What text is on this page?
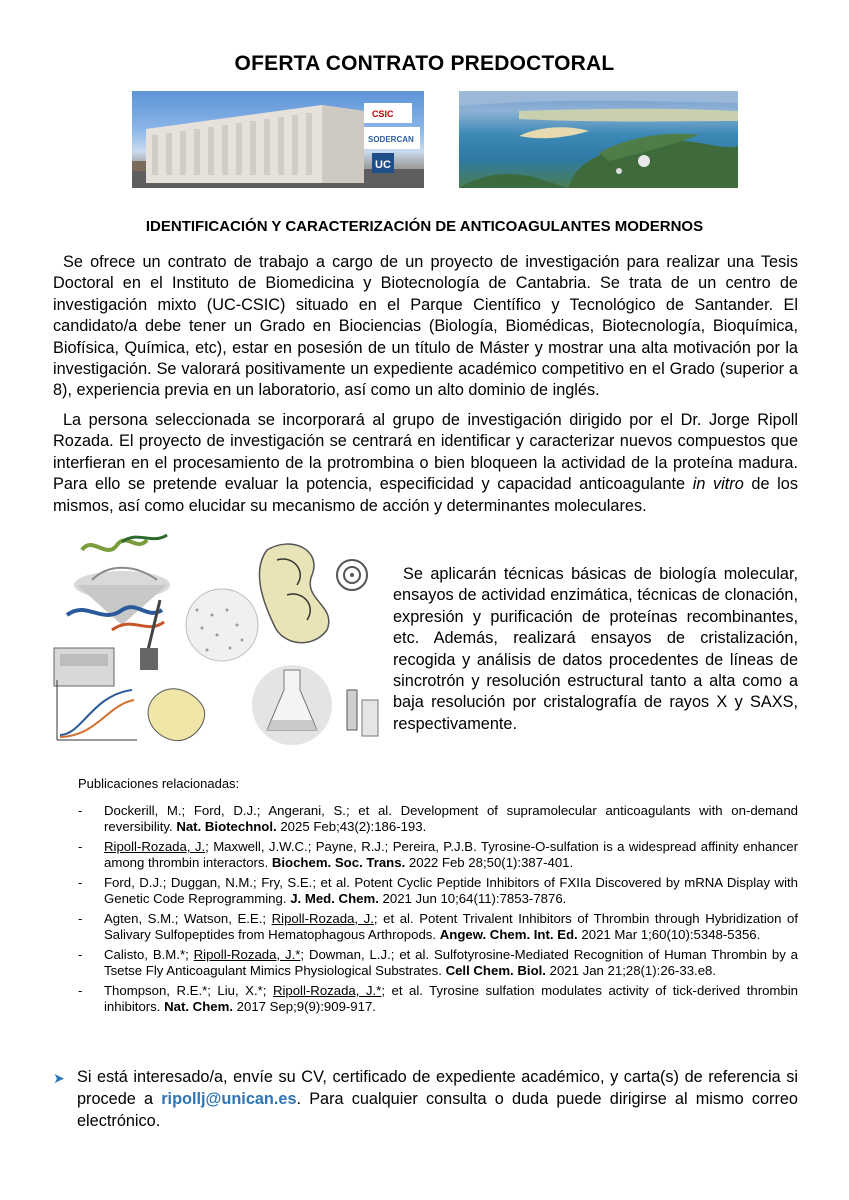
OFERTA CONTRATO PREDOCTORAL
CSIC
SODERCAN
UC
IDENTIFICACIÓN Y CARACTERIZACIÓN DE ANTICOAGULANTES MODERNOS

Se ofrece un contrato de trabajo a cargo de un proyecto de investigación para realizar una Tesis Doctoral en el Instituto de Biomedicina y Biotecnología de Cantabria. Se trata de un centro de investigación mixto (UC-CSIC) situado en el Parque Científico y Tecnológico de Santander. El candidato/a debe tener un Grado en Biociencias (Biología, Biomédicas, Biotecnología, Bioquímica, Biofísica, Química, etc), estar en posesión de un título de Máster y mostrar una alta motivación por la investigación. Se valorará positivamente un expediente académico competitivo en el Grado (superior a 8), experiencia previa en un laboratorio, así como un alto dominio de inglés.

La persona seleccionada se incorporará al grupo de investigación dirigido por el Dr. Jorge Ripoll Rozada. El proyecto de investigación se centrará en identificar y caracterizar nuevos compuestos que interfieran en el procesamiento de la protrombina o bien bloqueen la actividad de la proteína madura. Para ello se pretende evaluar la potencia, especificidad y capacidad anticoagulante in vitro de los mismos, así como elucidar su mecanismo de acción y determinantes moleculares.

Se aplicarán técnicas básicas de biología molecular, ensayos de actividad enzimática, técnicas de clonación, expresión y purificación de proteínas recombinantes, etc. Además, realizará ensayos de cristalización, recogida y análisis de datos procedentes de líneas de sincrotrón y resolución estructural tanto a alta como a baja resolución por cristalografía de rayos X y SAXS, respectivamente.

Publicaciones relacionadas:
- Dockerill, M.; Ford, D.J.; Angerani, S.; et al. Development of supramolecular anticoagulants with on-demand reversibility. Nat. Biotechnol. 2025 Feb;43(2):186-193.
- Ripoll-Rozada, J.; Maxwell, J.W.C.; Payne, R.J.; Pereira, P.J.B. Tyrosine-O-sulfation is a widespread affinity enhancer among thrombin interactors. Biochem. Soc. Trans. 2022 Feb 28;50(1):387-401.
- Ford, D.J.; Duggan, N.M.; Fry, S.E.; et al. Potent Cyclic Peptide Inhibitors of FXIIa Discovered by mRNA Display with Genetic Code Reprogramming. J. Med. Chem. 2021 Jun 10;64(11):7853-7876.
- Agten, S.M.; Watson, E.E.; Ripoll-Rozada, J.; et al. Potent Trivalent Inhibitors of Thrombin through Hybridization of Salivary Sulfopeptides from Hematophagous Arthropods. Angew. Chem. Int. Ed. 2021 Mar 1;60(10):5348-5356.
- Calisto, B.M.*; Ripoll-Rozada, J.*; Dowman, L.J.; et al. Sulfotyrosine-Mediated Recognition of Human Thrombin by a Tsetse Fly Anticoagulant Mimics Physiological Substrates. Cell Chem. Biol. 2021 Jan 21;28(1):26-33.e8.
- Thompson, R.E.*; Liu, X.*; Ripoll-Rozada, J.*; et al. Tyrosine sulfation modulates activity of tick-derived thrombin inhibitors. Nat. Chem. 2017 Sep;9(9):909-917.
➤ Si está interesado/a, envíe su CV, certificado de expediente académico, y carta(s) de referencia si procede a ripollj@unican.es. Para cualquier consulta o duda puede dirigirse al mismo correo electrónico.
